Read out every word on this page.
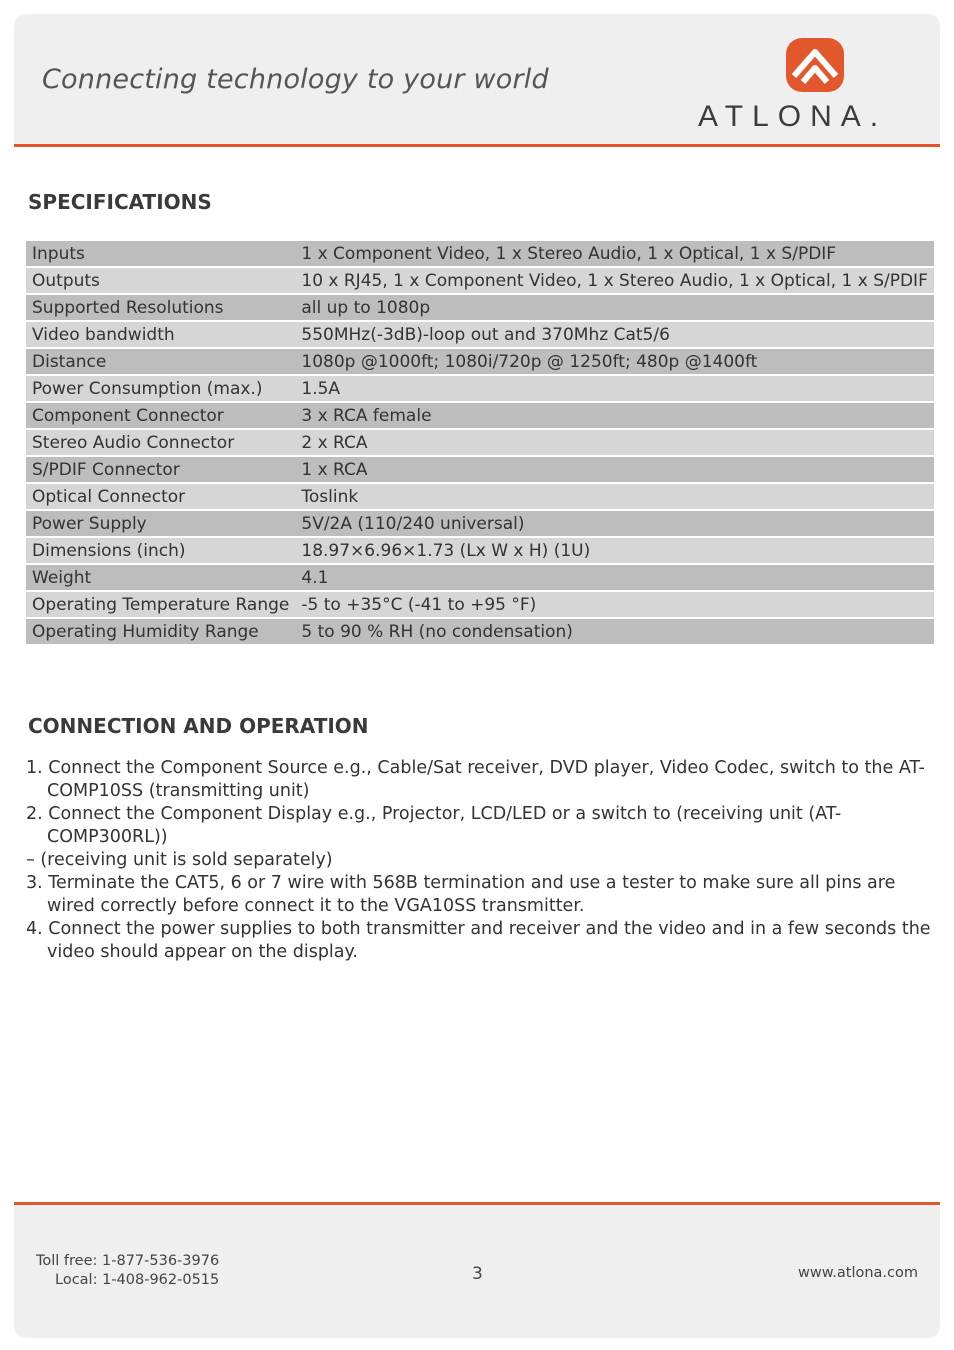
Connecting technology to your world
ATLONA.
SPECIFICATIONS
Inputs		1 x Component Video, 1 x Stereo Audio, 1 x Optical, 1 x S/PDIF
Outputs		10 x RJ45, 1 x Component Video, 1 x Stereo Audio, 1 x Optical, 1 x S/PDIF
Supported Resolutions		all up to 1080p
Video bandwidth		550MHz(-3dB)-loop out and 370Mhz Cat5/6
Distance		1080p @1000ft; 1080i/720p @ 1250ft; 480p @1400ft
Power Consumption (max.)		1.5A
Component Connector		3 x RCA female
Stereo Audio Connector		2 x RCA
S/PDIF Connector		1 x RCA
Optical Connector		Toslink
Power Supply		5V/2A (110/240 universal)
Dimensions (inch)		18.97×6.96×1.73 (Lx W x H) (1U)
Weight		4.1
Operating Temperature Range		-5 to +35°C (-41 to +95 °F)
Operating Humidity Range		5 to 90 % RH (no condensation)
CONNECTION AND OPERATION
1. Connect the Component Source e.g., Cable/Sat receiver, DVD player, Video Codec, switch to the AT-COMP10SS (transmitting unit)
2. Connect the Component Display e.g., Projector, LCD/LED or a switch to (receiving unit (AT-COMP300RL))
– (receiving unit is sold separately)
3. Terminate the CAT5, 6 or 7 wire with 568B termination and use a tester to make sure all pins are wired correctly before connect it to the VGA10SS transmitter.
4. Connect the power supplies to both transmitter and receiver and the video and in a few seconds the video should appear on the display.
Toll free: 1-877-536-3976
Local: 1-408-962-0515	3	www.atlona.com
